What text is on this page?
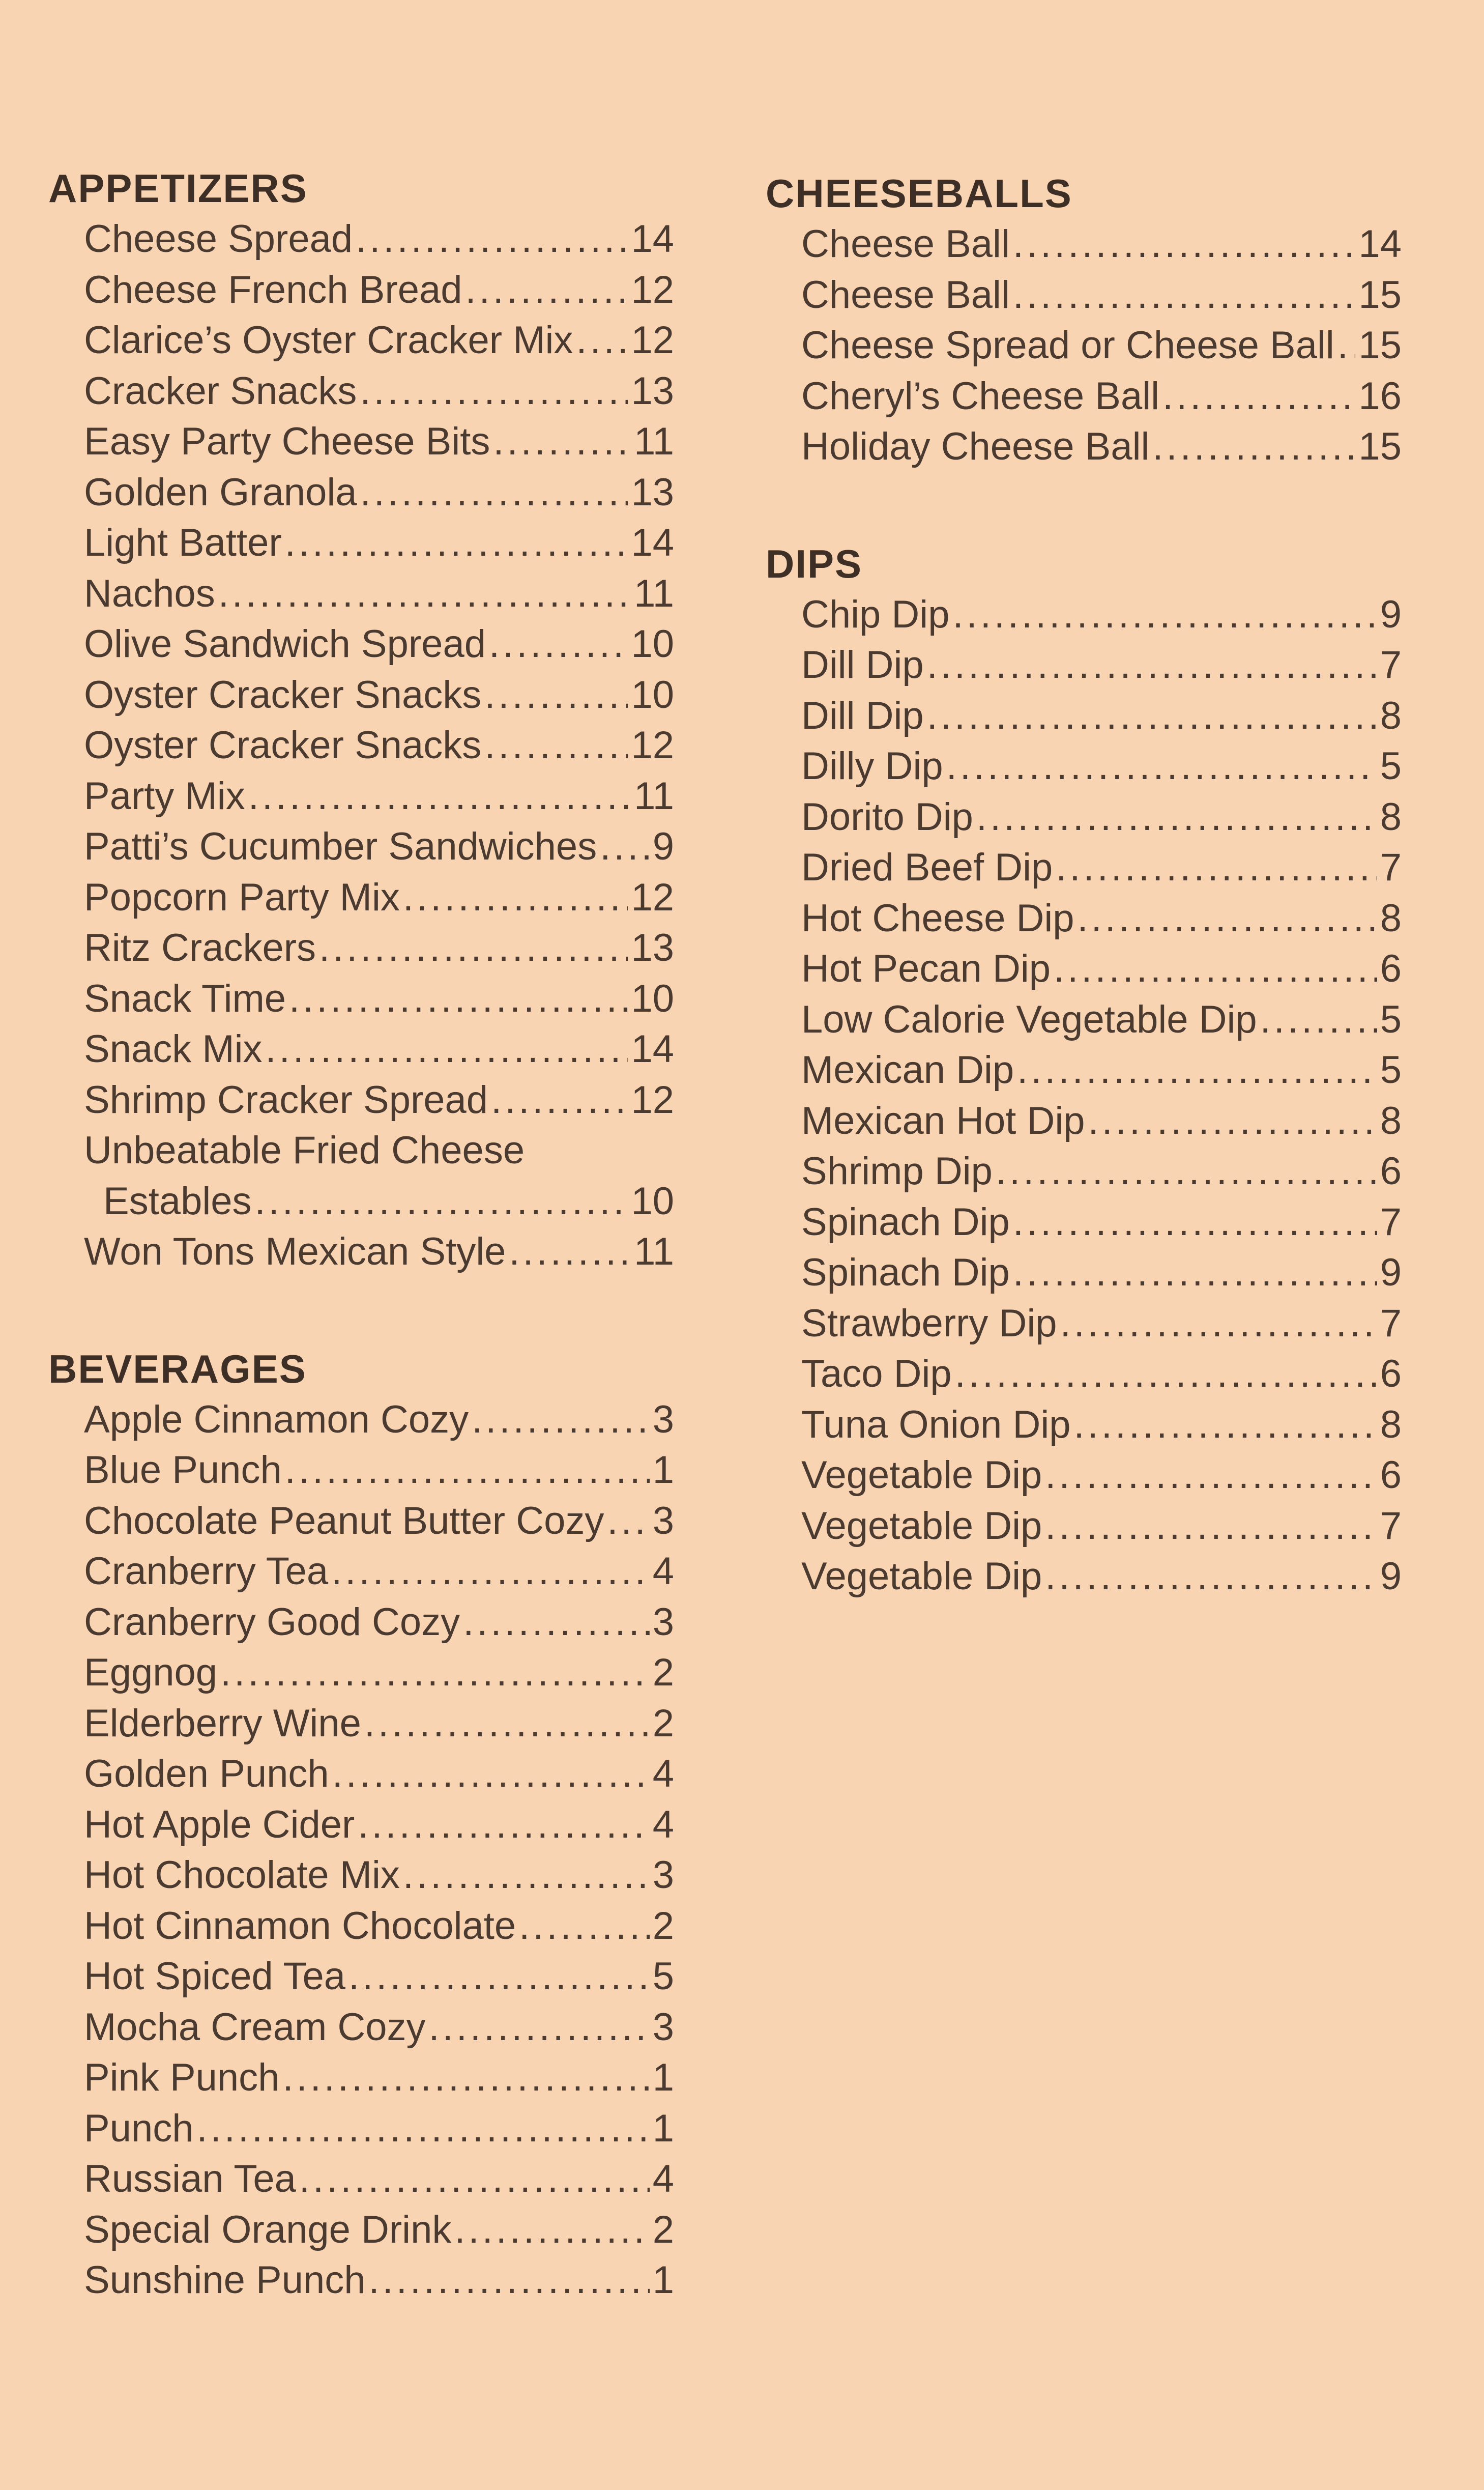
APPETIZERS
Cheese Spread .....	14
Cheese French Bread .....	12
Clarice’s Oyster Cracker Mix ..... 12
Cracker Snacks .....	13
Easy Party Cheese Bits .....	11
Golden Granola .....	13
Light Batter .....	14
Nachos .....	11
Olive Sandwich Spread .....	10
Oyster Cracker Snacks .....	10
Oyster Cracker Snacks .....	12
Party Mix .....	11
Patti’s Cucumber Sandwiches ..... 9
Popcorn Party Mix .....	12
Ritz Crackers .....	13
Snack Time .....	10
Snack Mix .....	14
Shrimp Cracker Spread .....	12
Unbeatable Fried Cheese
Estables .....	10
Won Tons Mexican Style .....	11
BEVERAGES
Apple Cinnamon Cozy .....	3
Blue Punch .....	1
Chocolate Peanut Butter Cozy ..... 3
Cranberry Tea .....	4
Cranberry Good Cozy .....	3
Eggnog .....	2
Elderberry Wine .....	2
Golden Punch .....	4
Hot Apple Cider .....	4
Hot Chocolate Mix .....	3
Hot Cinnamon Chocolate .....	2
Hot Spiced Tea .....	5
Mocha Cream Cozy .....	3
Pink Punch .....	1
Punch .....	1
Russian Tea .....	4
Special Orange Drink .....	2
Sunshine Punch .....	1
CHEESEBALLS
Cheese Ball .....	14
Cheese Ball .....	15
Cheese Spread or Cheese Ball ..... 15
Cheryl’s Cheese Ball .....	16
Holiday Cheese Ball .....	15
DIPS
Chip Dip .....	9
Dill Dip .....	7
Dill Dip .....	8
Dilly Dip .....	5
Dorito Dip .....	8
Dried Beef Dip .....	7
Hot Cheese Dip .....	8
Hot Pecan Dip .....	6
Low Calorie Vegetable Dip .....	5
Mexican Dip .....	5
Mexican Hot Dip .....	8
Shrimp Dip .....	6
Spinach Dip .....	7
Spinach Dip .....	9
Strawberry Dip .....	7
Taco Dip .....	6
Tuna Onion Dip .....	8
Vegetable Dip .....	6
Vegetable Dip .....	7
Vegetable Dip .....	9
